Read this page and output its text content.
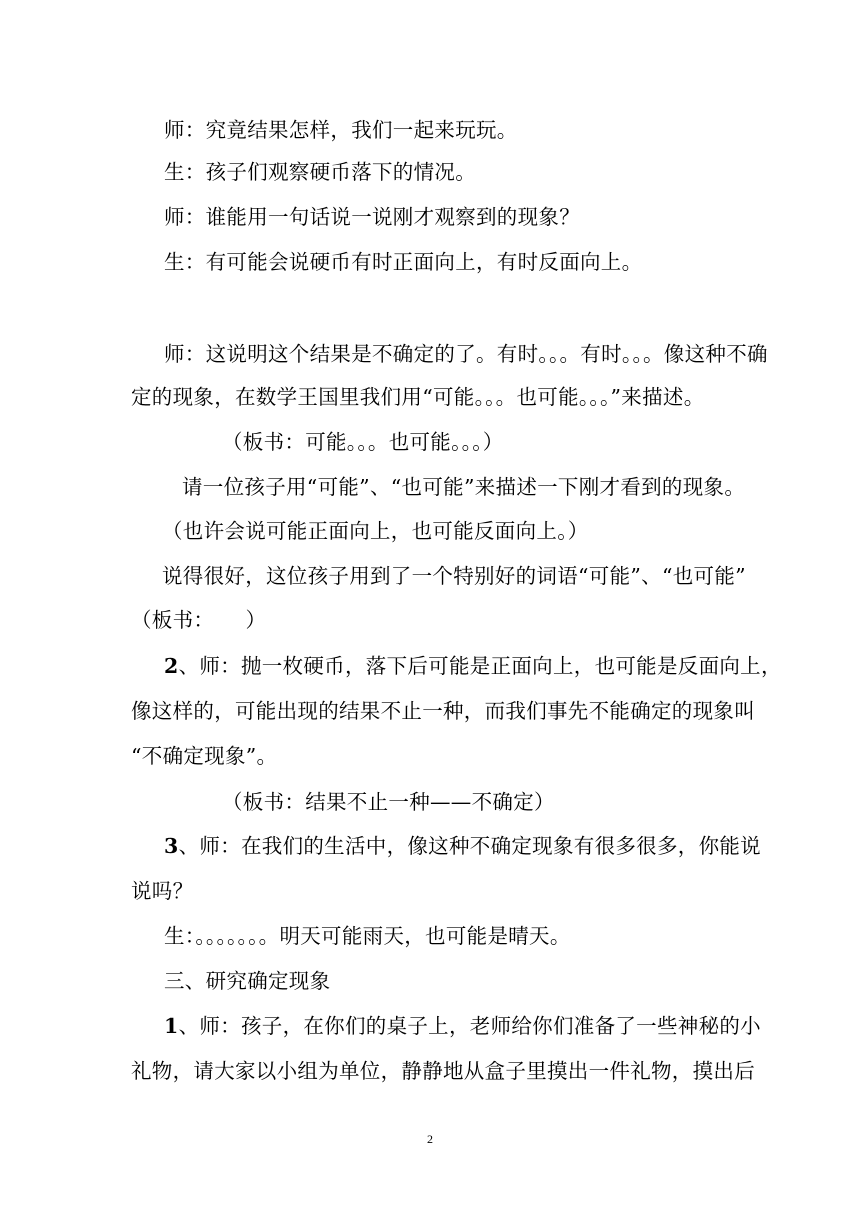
师：究竟结果怎样，我们一起来玩玩。
生：孩子们观察硬币落下的情况。
师：谁能用一句话说一说刚才观察到的现象？
生：有可能会说硬币有时正面向上，有时反面向上。
师：这说明这个结果是不确定的了。有时。。。有时。。。像这种不确
定的现象，在数学王国里我们用“可能。。。也可能。。。”来描述。
（板书：可能。。。也可能。。。）
请一位孩子用“可能”、“也可能”来描述一下刚才看到的现象。
（也许会说可能正面向上，也可能反面向上。）
说得很好，这位孩子用到了一个特别好的词语“可能”、“也可能”
（板书：　　）
2、师：抛一枚硬币，落下后可能是正面向上，也可能是反面向上，
像这样的，可能出现的结果不止一种，而我们事先不能确定的现象叫
“不确定现象”。
（板书：结果不止一种——不确定）
3、师：在我们的生活中，像这种不确定现象有很多很多，你能说
说吗？
生：。。。。。。。明天可能雨天，也可能是晴天。
三、研究确定现象
1、师：孩子，在你们的桌子上，老师给你们准备了一些神秘的小
礼物，请大家以小组为单位，静静地从盒子里摸出一件礼物，摸出后
2
